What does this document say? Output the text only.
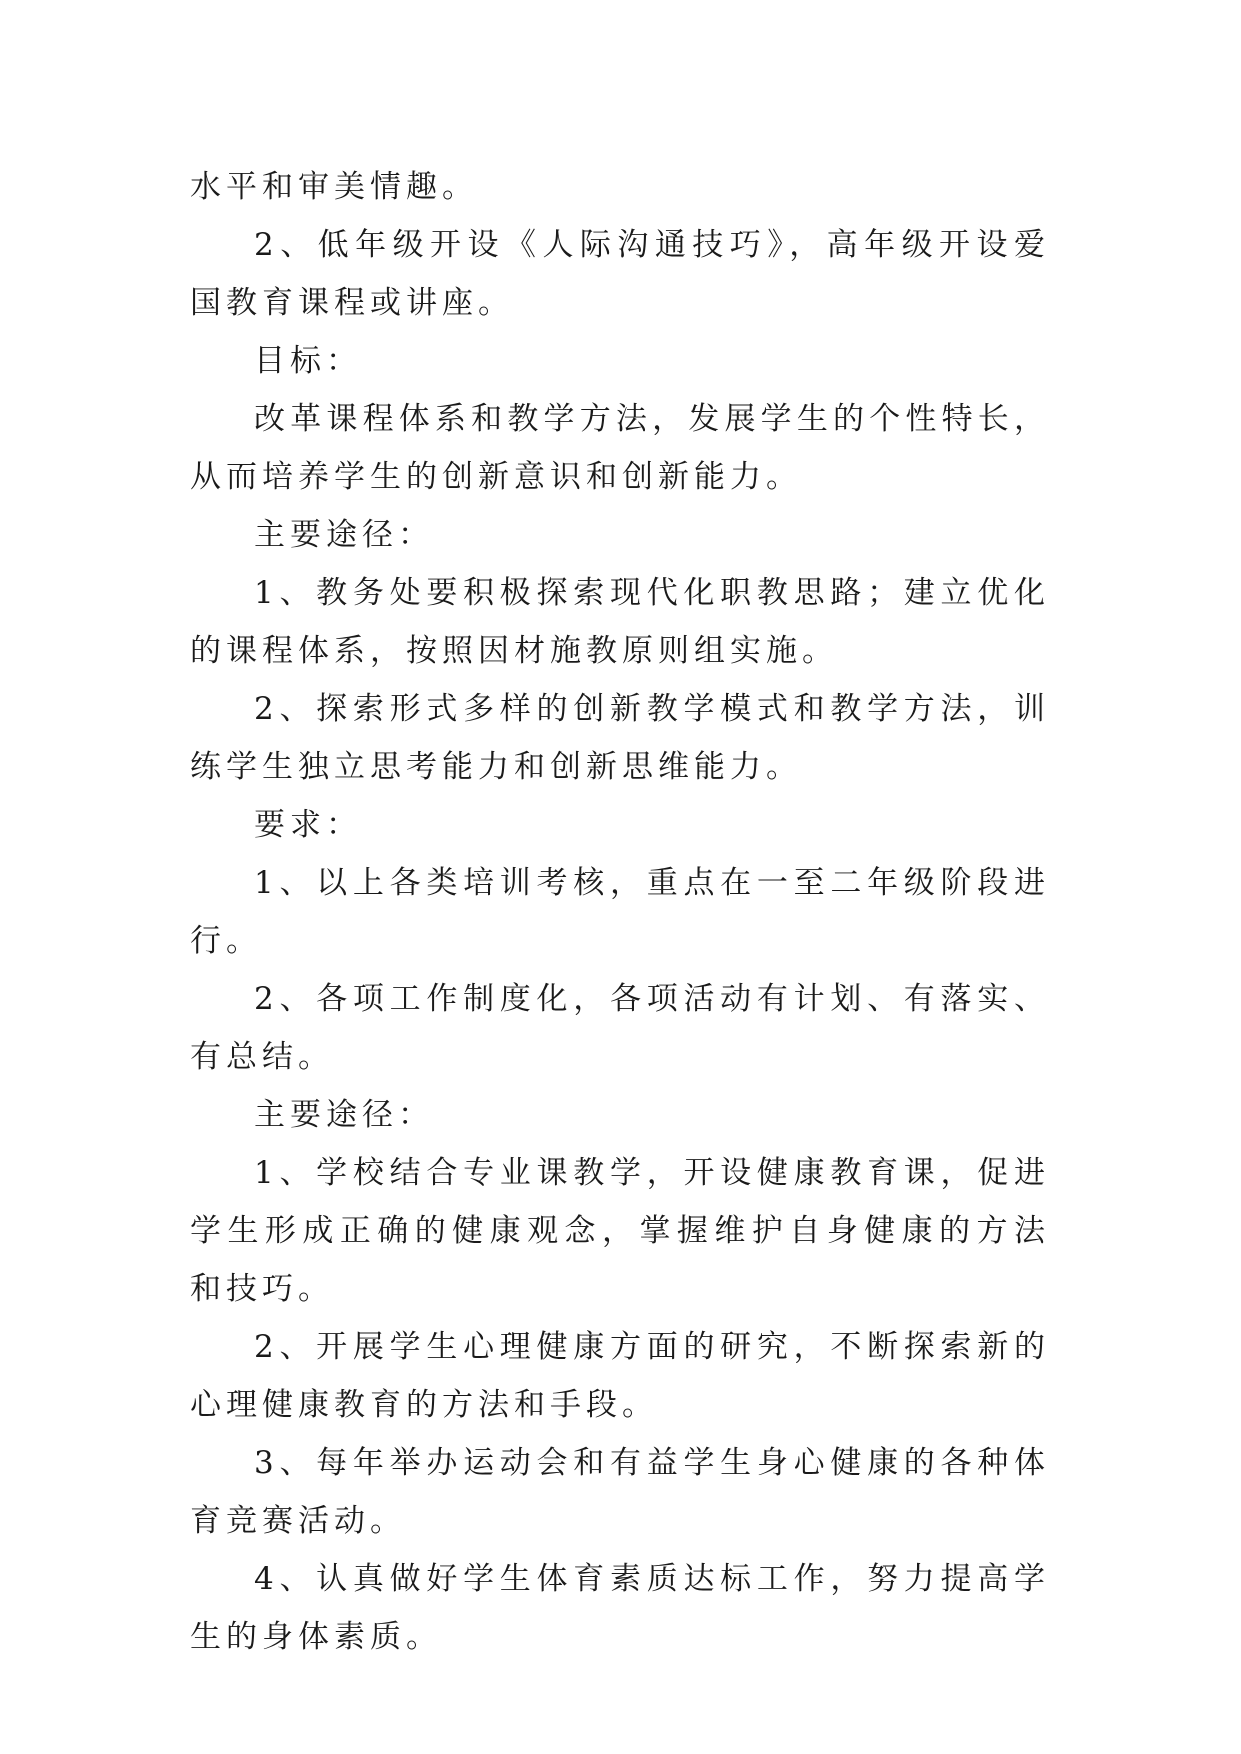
水平和审美情趣。

2、低年级开设《人际沟通技巧》，高年级开设爱国教育课程或讲座。

目标：

改革课程体系和教学方法，发展学生的个性特长，从而培养学生的创新意识和创新能力。

主要途径：

1、教务处要积极探索现代化职教思路；建立优化的课程体系，按照因材施教原则组实施。

2、探索形式多样的创新教学模式和教学方法，训练学生独立思考能力和创新思维能力。

要求：

1、以上各类培训考核，重点在一至二年级阶段进行。

2、各项工作制度化，各项活动有计划、有落实、有总结。

主要途径：

1、学校结合专业课教学，开设健康教育课，促进学生形成正确的健康观念，掌握维护自身健康的方法和技巧。

2、开展学生心理健康方面的研究，不断探索新的心理健康教育的方法和手段。

3、每年举办运动会和有益学生身心健康的各种体育竞赛活动。

4、认真做好学生体育素质达标工作，努力提高学生的身体素质。
